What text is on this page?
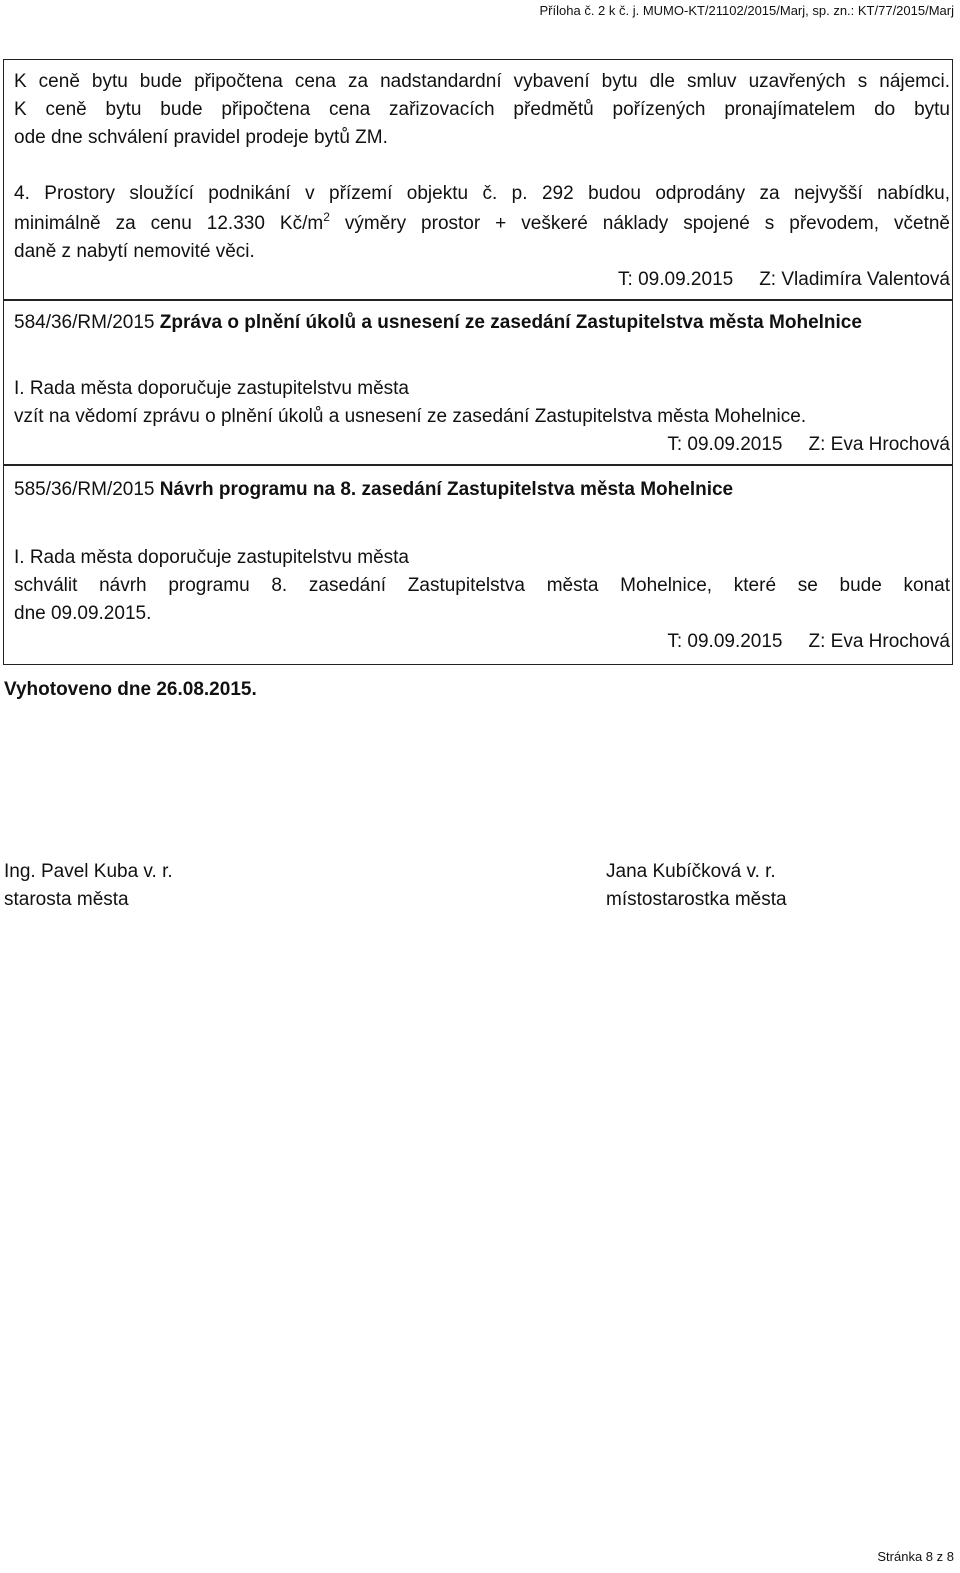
Příloha č. 2 k č. j. MUMO-KT/21102/2015/Marj, sp. zn.: KT/77/2015/Marj
K ceně bytu bude připočtena cena za nadstandardní vybavení bytu dle smluv uzavřených s nájemci.
K ceně bytu bude připočtena cena zařizovacích předmětů pořízených pronajímatelem do bytu
ode dne schválení pravidel prodeje bytů ZM.
4. Prostory sloužící podnikání v přízemí objektu č. p. 292 budou odprodány za nejvyšší nabídku,
minimálně za cenu 12.330 $Kč/m^2$ výměry prostor + veškeré náklady spojené s převodem, včetně
daně z nabytí nemovité věci.
T: 09.09.2015 Z: Vladimíra Valentová
584/36/RM/2015 Zpráva o plnění úkolů a usnesení ze zasedání Zastupitelstva města Mohelnice
I. Rada města doporučuje zastupitelstvu města
vzít na vědomí zprávu o plnění úkolů a usnesení ze zasedání Zastupitelstva města Mohelnice.
T: 09.09.2015 Z: Eva Hrochová
585/36/RM/2015 Návrh programu na 8. zasedání Zastupitelstva města Mohelnice
I. Rada města doporučuje zastupitelstvu města
schválit návrh programu 8. zasedání Zastupitelstva města Mohelnice, které se bude konat
dne 09.09.2015.
T: 09.09.2015 Z: Eva Hrochová
Vyhotoveno dne 26.08.2015.
Ing. Pavel Kuba v. r.
starosta města
Jana Kubíčková v. r.
místostarostka města
Stránka 8 z 8
